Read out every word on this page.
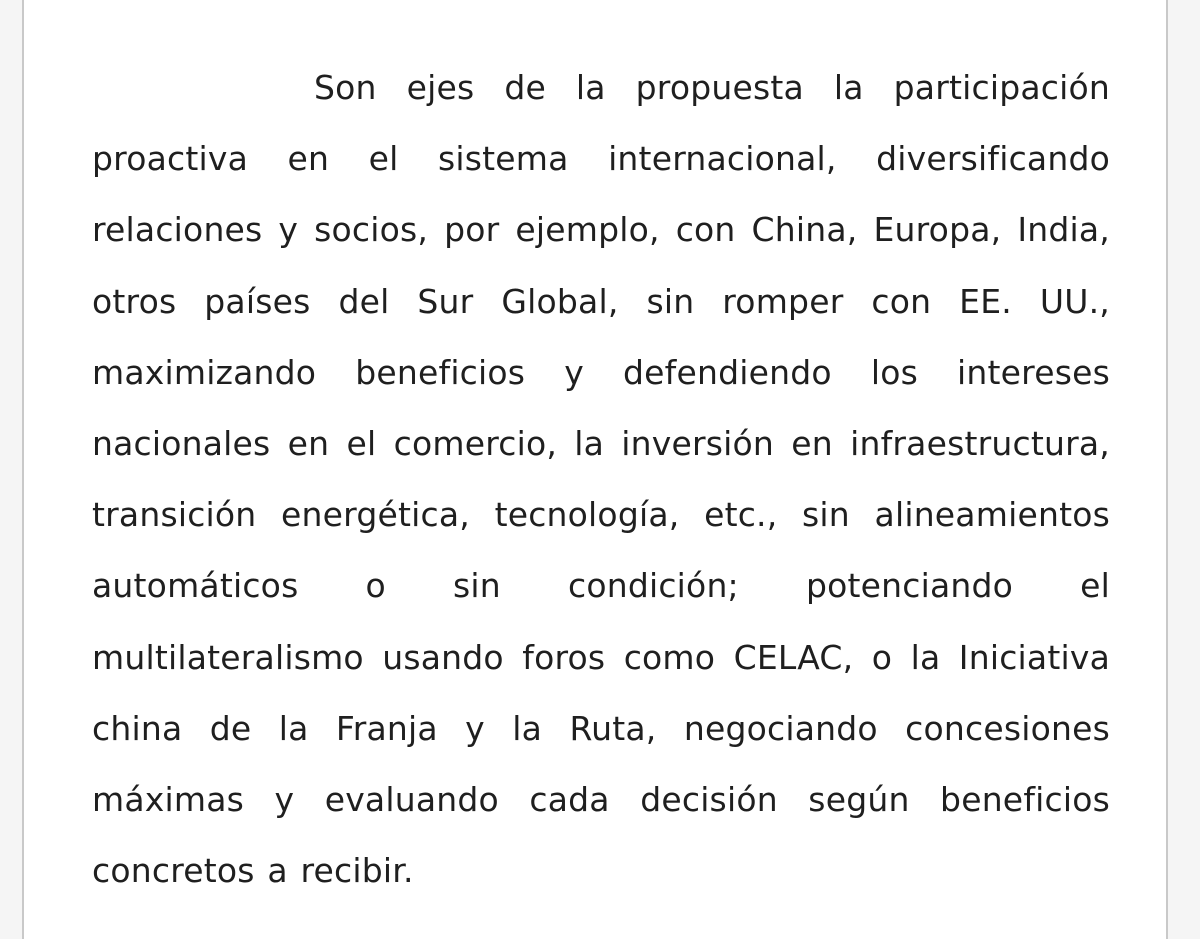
Son ejes de la propuesta la participación proactiva en el sistema internacional, diversificando relaciones y socios, por ejemplo, con China, Europa, India, otros países del Sur Global, sin romper con EE. UU., maximizando beneficios y defendiendo los intereses nacionales en el comercio, la inversión en infraestructura, transición energética, tecnología, etc., sin alineamientos automáticos o sin condición; potenciando el multilateralismo usando foros como CELAC, o la Iniciativa china de la Franja y la Ruta, negociando concesiones máximas y evaluando cada decisión según beneficios concretos a recibir.
